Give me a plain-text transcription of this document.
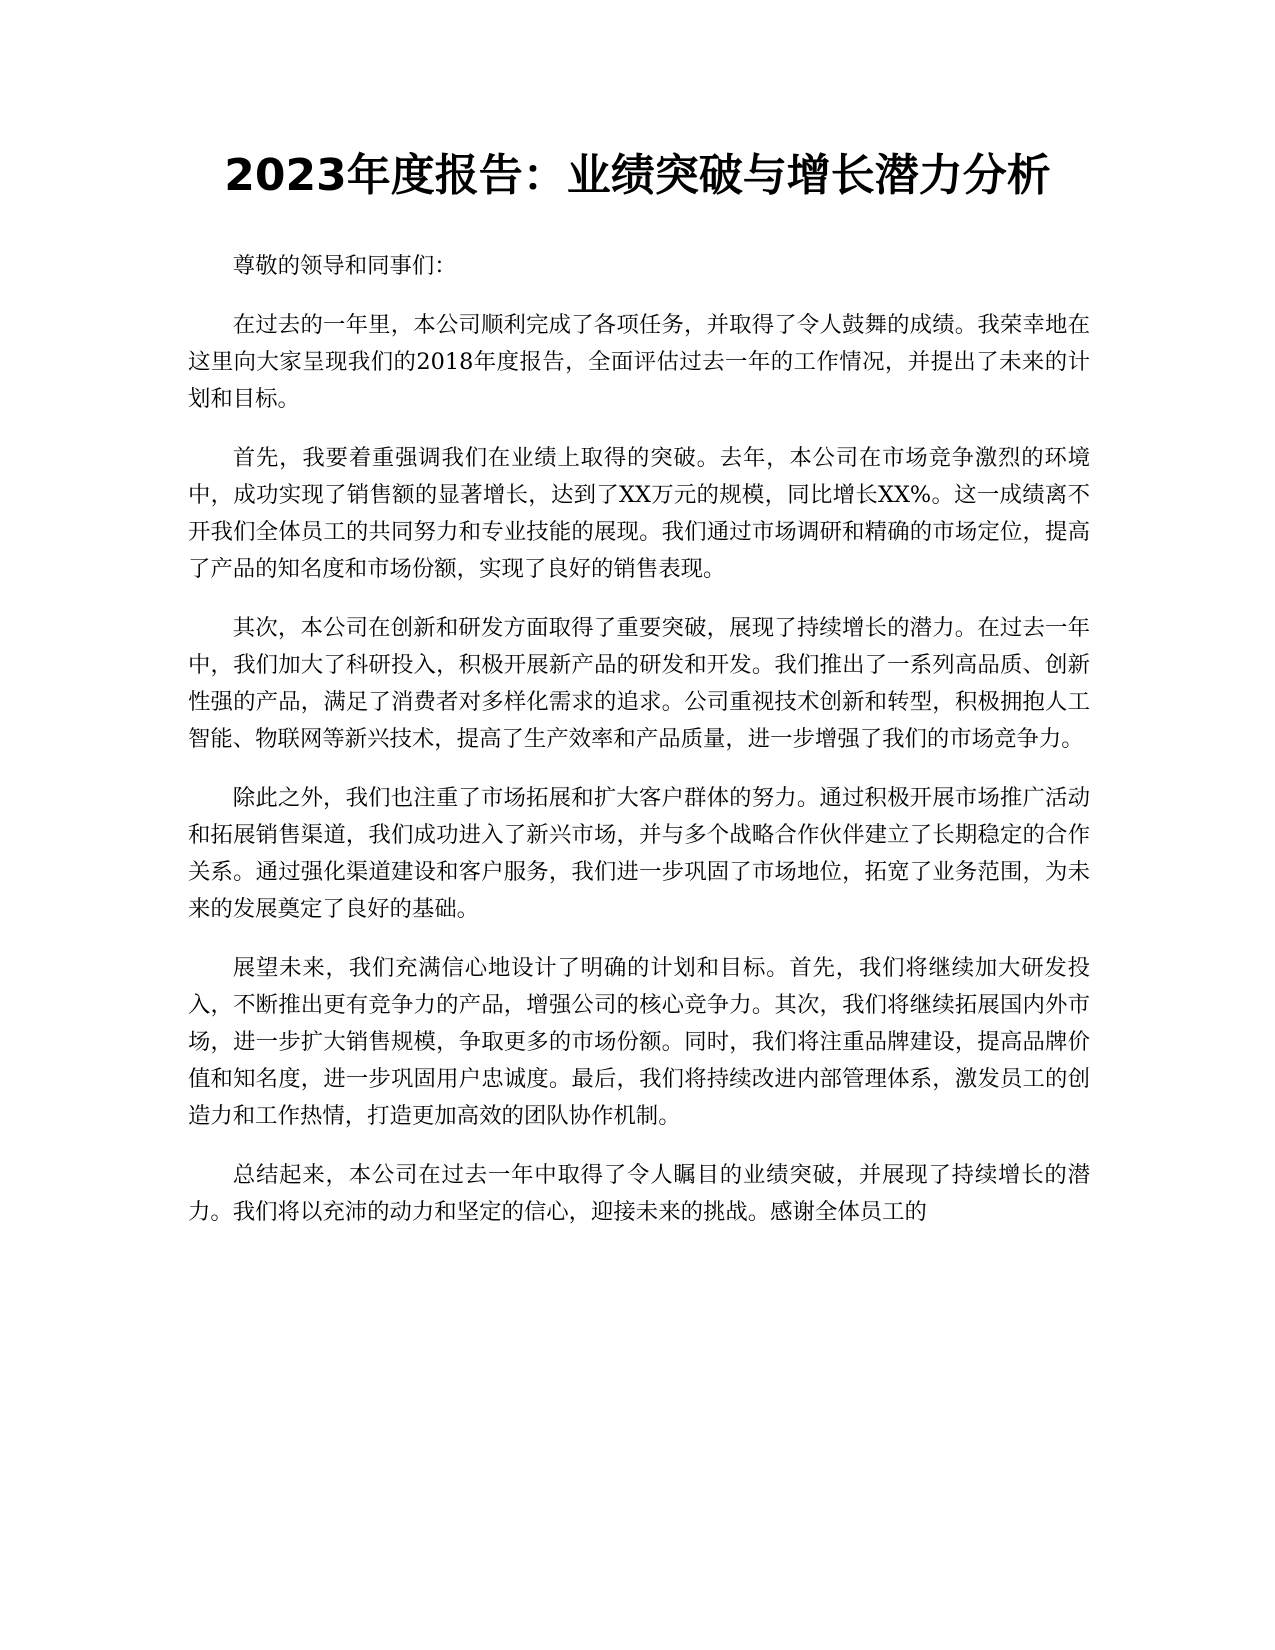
2023年度报告：业绩突破与增长潜力分析

尊敬的领导和同事们：

在过去的一年里，本公司顺利完成了各项任务，并取得了令人鼓舞的成绩。我荣幸地在这里向大家呈现我们的2018年度报告，全面评估过去一年的工作情况，并提出了未来的计划和目标。

首先，我要着重强调我们在业绩上取得的突破。去年，本公司在市场竞争激烈的环境中，成功实现了销售额的显著增长，达到了XX万元的规模，同比增长XX%。这一成绩离不开我们全体员工的共同努力和专业技能的展现。我们通过市场调研和精确的市场定位，提高了产品的知名度和市场份额，实现了良好的销售表现。

其次，本公司在创新和研发方面取得了重要突破，展现了持续增长的潜力。在过去一年中，我们加大了科研投入，积极开展新产品的研发和开发。我们推出了一系列高品质、创新性强的产品，满足了消费者对多样化需求的追求。公司重视技术创新和转型，积极拥抱人工智能、物联网等新兴技术，提高了生产效率和产品质量，进一步增强了我们的市场竞争力。

除此之外，我们也注重了市场拓展和扩大客户群体的努力。通过积极开展市场推广活动和拓展销售渠道，我们成功进入了新兴市场，并与多个战略合作伙伴建立了长期稳定的合作关系。通过强化渠道建设和客户服务，我们进一步巩固了市场地位，拓宽了业务范围，为未来的发展奠定了良好的基础。

展望未来，我们充满信心地设计了明确的计划和目标。首先，我们将继续加大研发投入，不断推出更有竞争力的产品，增强公司的核心竞争力。其次，我们将继续拓展国内外市场，进一步扩大销售规模，争取更多的市场份额。同时，我们将注重品牌建设，提高品牌价值和知名度，进一步巩固用户忠诚度。最后，我们将持续改进内部管理体系，激发员工的创造力和工作热情，打造更加高效的团队协作机制。

总结起来，本公司在过去一年中取得了令人瞩目的业绩突破，并展现了持续增长的潜力。我们将以充沛的动力和坚定的信心，迎接未来的挑战。感谢全体员工的
